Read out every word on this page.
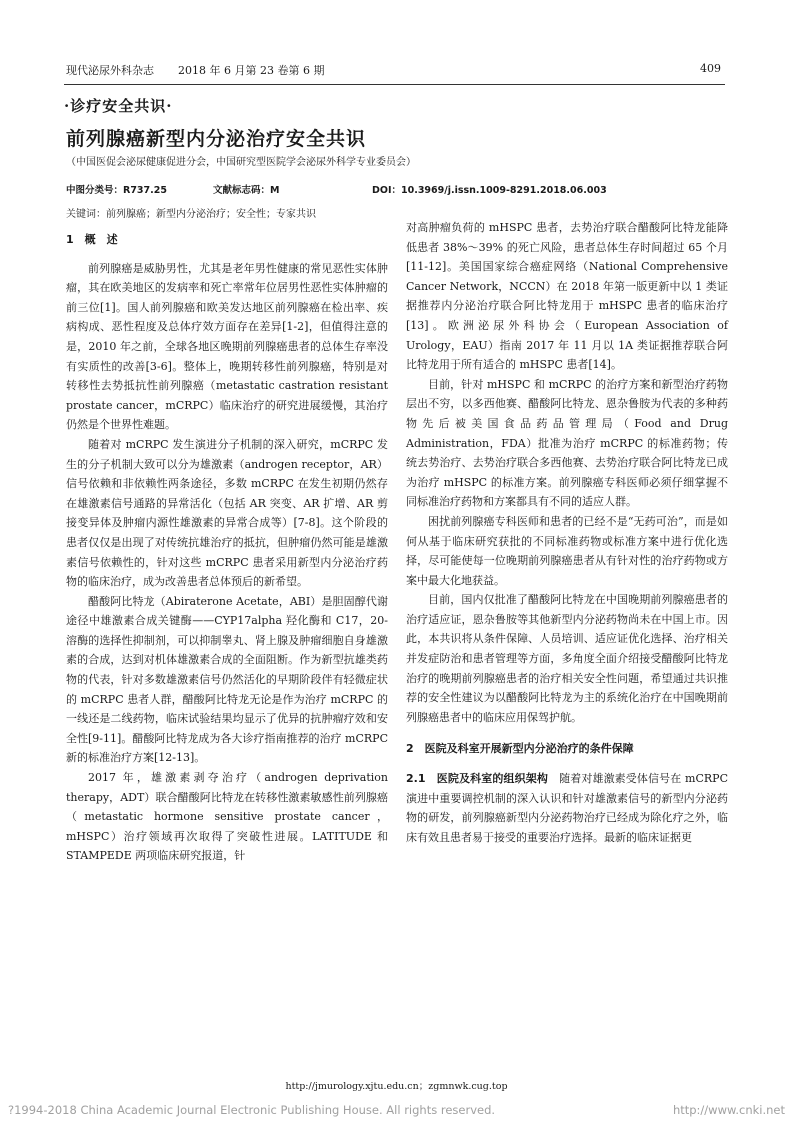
现代泌尿外科杂志 2018 年 6 月第 23 卷第 6 期	409
·诊疗安全共识·
前列腺癌新型内分泌治疗安全共识
（中国医促会泌尿健康促进分会，中国研究型医院学会泌尿外科学专业委员会）
中图分类号：R737.25	文献标志码：M	DOI：10.3969/j.issn.1009-8291.2018.06.003
关键词：前列腺癌；新型内分泌治疗；安全性；专家共识
1　概　述

前列腺癌是威胁男性，尤其是老年男性健康的常见恶性实体肿瘤，其在欧美地区的发病率和死亡率常年位居男性恶性实体肿瘤的前三位[1]。国人前列腺癌和欧美发达地区前列腺癌在检出率、疾病构成、恶性程度及总体疗效方面存在差异[1-2]，但值得注意的是，2010 年之前，全球各地区晚期前列腺癌患者的总体生存率没有实质性的改善[3-6]。整体上，晚期转移性前列腺癌，特别是对转移性去势抵抗性前列腺癌（metastatic castration resistant prostate cancer，mCRPC）临床治疗的研究进展缓慢，其治疗仍然是个世界性难题。

随着对 mCRPC 发生演进分子机制的深入研究，mCRPC 发生的分子机制大致可以分为雄激素（androgen receptor，AR）信号依赖和非依赖性两条途径，多数 mCRPC 在发生初期仍然存在雄激素信号通路的异常活化（包括 AR 突变、AR 扩增、AR 剪接变异体及肿瘤内源性雄激素的异常合成等）[7-8]。这个阶段的患者仅仅是出现了对传统抗雄治疗的抵抗，但肿瘤仍然可能是雄激素信号依赖性的，针对这些 mCRPC 患者采用新型内分泌治疗药物的临床治疗，成为改善患者总体预后的新希望。

醋酸阿比特龙（Abiraterone Acetate，ABI）是胆固醇代谢途径中雄激素合成关键酶——CYP17alpha 羟化酶和 C17，20-溶酶的选择性抑制剂，可以抑制睾丸、肾上腺及肿瘤细胞自身雄激素的合成，达到对机体雄激素合成的全面阻断。作为新型抗雄类药物的代表，针对多数雄激素信号仍然活化的早期阶段伴有轻微症状的 mCRPC 患者人群，醋酸阿比特龙无论是作为治疗 mCRPC 的一线还是二线药物，临床试验结果均显示了优异的抗肿瘤疗效和安全性[9-11]。醋酸阿比特龙成为各大诊疗指南推荐的治疗 mCRPC 新的标准治疗方案[12-13]。

2017 年，雄激素剥夺治疗（androgen deprivation therapy，ADT）联合醋酸阿比特龙在转移性激素敏感性前列腺癌（metastatic hormone sensitive prostate cancer，mHSPC）治疗领域再次取得了突破性进展。LATITUDE 和 STAMPEDE 两项临床研究报道，针

对高肿瘤负荷的 mHSPC 患者，去势治疗联合醋酸阿比特龙能降低患者 38%～39% 的死亡风险，患者总体生存时间超过 65 个月[11-12]。美国国家综合癌症网络（National Comprehensive Cancer Network，NCCN）在 2018 年第一版更新中以 1 类证据推荐内分泌治疗联合阿比特龙用于 mHSPC 患者的临床治疗[13]。欧洲泌尿外科协会（European Association of Urology，EAU）指南 2017 年 11 月以 1A 类证据推荐联合阿比特龙用于所有适合的 mHSPC 患者[14]。

目前，针对 mHSPC 和 mCRPC 的治疗方案和新型治疗药物层出不穷，以多西他赛、醋酸阿比特龙、恩杂鲁胺为代表的多种药物先后被美国食品药品管理局（Food and Drug Administration，FDA）批准为治疗 mCRPC 的标准药物；传统去势治疗、去势治疗联合多西他赛、去势治疗联合阿比特龙已成为治疗 mHSPC 的标准方案。前列腺癌专科医师必须仔细掌握不同标准治疗药物和方案都具有不同的适应人群。

困扰前列腺癌专科医师和患者的已经不是“无药可治”，而是如何从基于临床研究获批的不同标准药物或标准方案中进行优化选择，尽可能使每一位晚期前列腺癌患者从有针对性的治疗药物或方案中最大化地获益。

目前，国内仅批准了醋酸阿比特龙在中国晚期前列腺癌患者的治疗适应证，恩杂鲁胺等其他新型内分泌药物尚未在中国上市。因此，本共识将从条件保障、人员培训、适应证优化选择、治疗相关并发症防治和患者管理等方面，多角度全面介绍接受醋酸阿比特龙治疗的晚期前列腺癌患者的治疗相关安全性问题，希望通过共识推荐的安全性建议为以醋酸阿比特龙为主的系统化治疗在中国晚期前列腺癌患者中的临床应用保驾护航。

2　医院及科室开展新型内分泌治疗的条件保障

2.1　医院及科室的组织架构　 随着对雄激素受体信号在 mCRPC 演进中重要调控机制的深入认识和针对雄激素信号的新型内分泌药物的研发，前列腺癌新型内分泌药物治疗已经成为除化疗之外，临床有效且患者易于接受的重要治疗选择。最新的临床证据更

http://jmurology.xjtu.edu.cn；zgmnwk.cug.top
?1994-2018 China Academic Journal Electronic Publishing House. All rights reserved.	http://www.cnki.net
